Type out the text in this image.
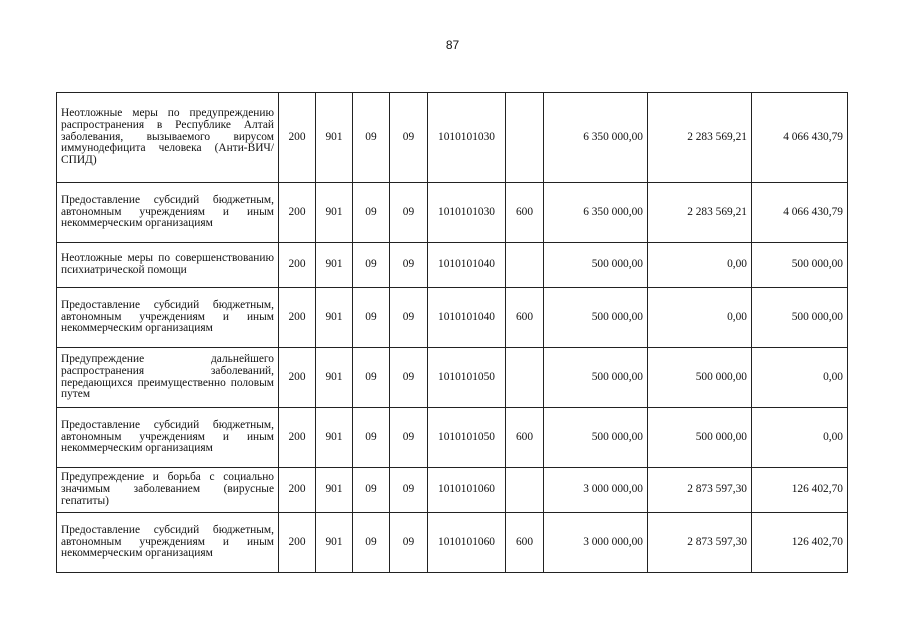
87
Неотложные меры по предупреждению распространения в Республике Алтай заболевания, вызываемого вирусом иммунодефицита человека (Анти-ВИЧ/СПИД)	200	901	09	09	1010101030		6 350 000,00	2 283 569,21	4 066 430,79
Предоставление субсидий бюджетным, автономным учреждениям и иным некоммерческим организациям	200	901	09	09	1010101030	600	6 350 000,00	2 283 569,21	4 066 430,79
Неотложные меры по совершенствованию психиатрической помощи	200	901	09	09	1010101040		500 000,00	0,00	500 000,00
Предоставление субсидий бюджетным, автономным учреждениям и иным некоммерческим организациям	200	901	09	09	1010101040	600	500 000,00	0,00	500 000,00
Предупреждение дальнейшего распространения заболеваний, передающихся преимущественно половым путем	200	901	09	09	1010101050		500 000,00	500 000,00	0,00
Предоставление субсидий бюджетным, автономным учреждениям и иным некоммерческим организациям	200	901	09	09	1010101050	600	500 000,00	500 000,00	0,00
Предупреждение и борьба с социально значимым заболеванием (вирусные гепатиты)	200	901	09	09	1010101060		3 000 000,00	2 873 597,30	126 402,70
Предоставление субсидий бюджетным, автономным учреждениям и иным некоммерческим организациям	200	901	09	09	1010101060	600	3 000 000,00	2 873 597,30	126 402,70
